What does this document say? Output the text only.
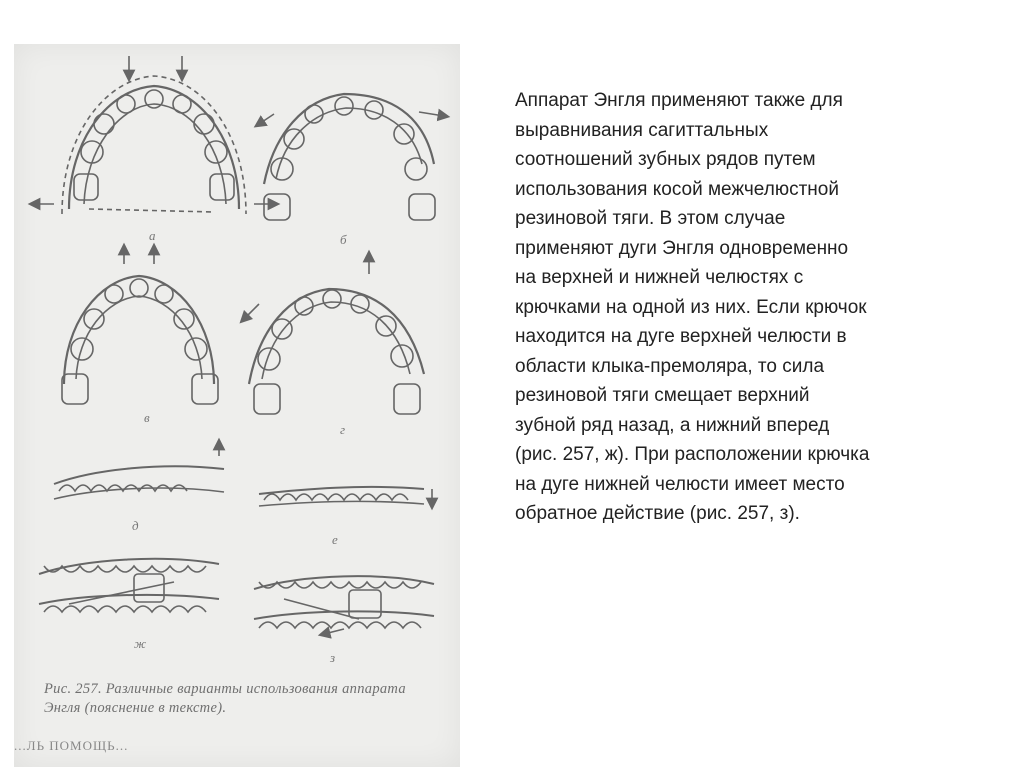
а	б
в
г
д
е
ж
з
Рис. 257. Различные варианты использования аппарата Энгля (пояснение в тексте).
...ЛЬ ПОМОЩЬ...
Аппарат Энгля применяют также для
выравнивания сагиттальных
соотношений зубных рядов путем
использования косой межчелюстной
резиновой тяги. В этом случае
применяют дуги Энгля одновременно
на верхней и нижней челюстях с
крючками на одной из них. Если крючок
находится на дуге верхней челюсти в
области клыка-премоляра, то сила
резиновой тяги смещает верхний
зубной ряд назад, а нижний вперед
(рис. 257, ж). При расположении крючка
на дуге нижней челюсти имеет место
обратное действие (рис. 257, з).
